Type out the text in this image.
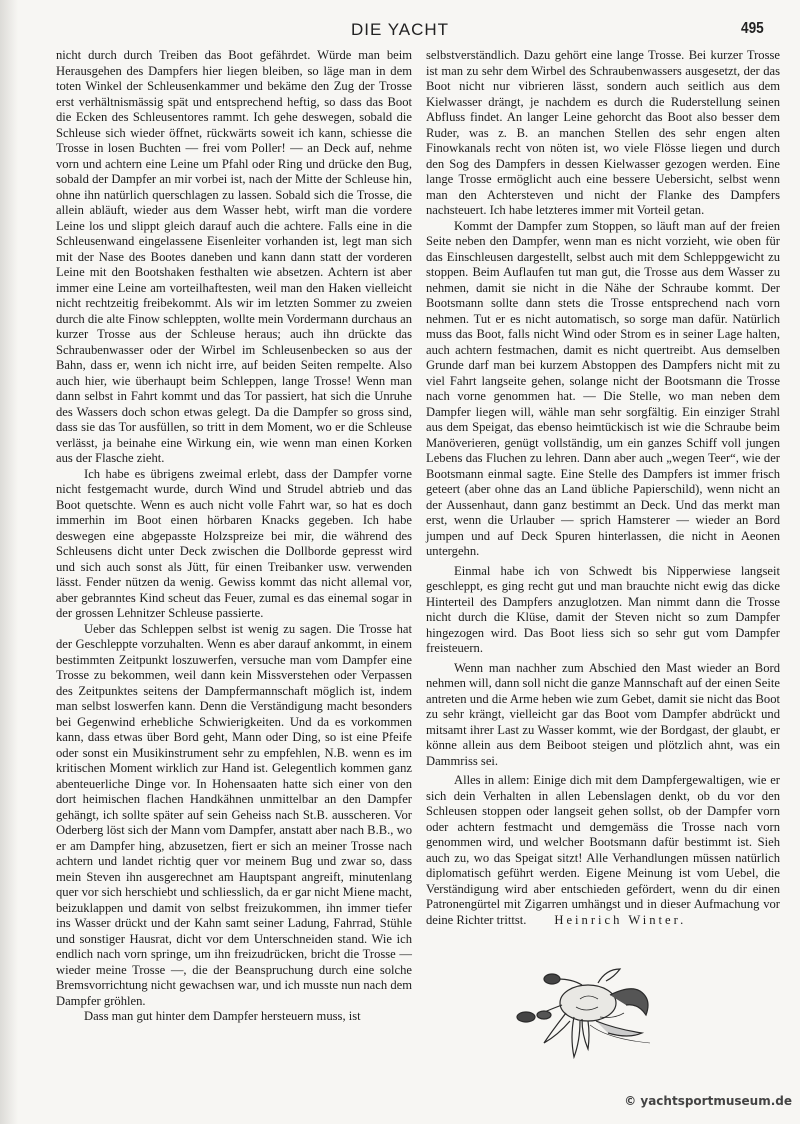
DIE YACHT	495

nicht durch durch Treiben das Boot gefährdet. Würde man beim Herausgehen des Dampfers hier liegen bleiben, so läge man in dem toten Winkel der Schleusenkammer und bekäme den Zug der Trosse erst verhältnismässig spät und entsprechend heftig, so dass das Boot die Ecken des Schleusentores rammt. Ich gehe deswegen, sobald die Schleuse sich wieder öffnet, rückwärts soweit ich kann, schiesse die Trosse in losen Buchten — frei vom Poller! — an Deck auf, nehme vorn und achtern eine Leine um Pfahl oder Ring und drücke den Bug, sobald der Dampfer an mir vorbei ist, nach der Mitte der Schleuse hin, ohne ihn natürlich querschlagen zu lassen. Sobald sich die Trosse, die allein abläuft, wieder aus dem Wasser hebt, wirft man die vordere Leine los und slippt gleich darauf auch die achtere. Falls eine in die Schleusenwand eingelassene Eisenleiter vorhanden ist, legt man sich mit der Nase des Bootes daneben und kann dann statt der vorderen Leine mit den Bootshaken festhalten wie absetzen. Achtern ist aber immer eine Leine am vorteilhaftesten, weil man den Haken vielleicht nicht rechtzeitig freibekommt. Als wir im letzten Sommer zu zweien durch die alte Finow schleppten, wollte mein Vordermann durchaus an kurzer Trosse aus der Schleuse heraus; auch ihn drückte das Schraubenwasser oder der Wirbel im Schleusenbecken so aus der Bahn, dass er, wenn ich nicht irre, auf beiden Seiten rempelte. Also auch hier, wie überhaupt beim Schleppen, lange Trosse! Wenn man dann selbst in Fahrt kommt und das Tor passiert, hat sich die Unruhe des Wassers doch schon etwas gelegt. Da die Dampfer so gross sind, dass sie das Tor ausfüllen, so tritt in dem Moment, wo er die Schleuse verlässt, ja beinahe eine Wirkung ein, wie wenn man einen Korken aus der Flasche zieht.

Ich habe es übrigens zweimal erlebt, dass der Dampfer vorne nicht festgemacht wurde, durch Wind und Strudel abtrieb und das Boot quetschte. Wenn es auch nicht volle Fahrt war, so hat es doch immerhin im Boot einen hörbaren Knacks gegeben. Ich habe deswegen eine abgepasste Holzspreize bei mir, die während des Schleusens dicht unter Deck zwischen die Dollborde gepresst wird und sich auch sonst als Jütt, für einen Treibanker usw. verwenden lässt. Fender nützen da wenig. Gewiss kommt das nicht allemal vor, aber gebranntes Kind scheut das Feuer, zumal es das einemal sogar in der grossen Lehnitzer Schleuse passierte.

Ueber das Schleppen selbst ist wenig zu sagen. Die Trosse hat der Geschleppte vorzuhalten. Wenn es aber darauf ankommt, in einem bestimmten Zeitpunkt loszuwerfen, versuche man vom Dampfer eine Trosse zu bekommen, weil dann kein Missverstehen oder Verpassen des Zeitpunktes seitens der Dampfermannschaft möglich ist, indem man selbst loswerfen kann. Denn die Verständigung macht besonders bei Gegenwind erhebliche Schwierigkeiten. Und da es vorkommen kann, dass etwas über Bord geht, Mann oder Ding, so ist eine Pfeife oder sonst ein Musikinstrument sehr zu empfehlen, N.B. wenn es im kritischen Moment wirklich zur Hand ist. Gelegentlich kommen ganz abenteuerliche Dinge vor. In Hohensaaten hatte sich einer von den dort heimischen flachen Handkähnen unmittelbar an den Dampfer gehängt, ich sollte später auf sein Geheiss nach St.B. ausscheren. Vor Oderberg löst sich der Mann vom Dampfer, anstatt aber nach B.B., wo er am Dampfer hing, abzusetzen, fiert er sich an meiner Trosse nach achtern und landet richtig quer vor meinem Bug und zwar so, dass mein Steven ihn ausgerechnet am Hauptspant angreift, minutenlang quer vor sich herschiebt und schliesslich, da er gar nicht Miene macht, beizuklappen und damit von selbst freizukommen, ihn immer tiefer ins Wasser drückt und der Kahn samt seiner Ladung, Fahrrad, Stühle und sonstiger Hausrat, dicht vor dem Unterschneiden stand. Wie ich endlich nach vorn springe, um ihn freizudrücken, bricht die Trosse — wieder meine Trosse —, die der Beanspruchung durch eine solche Bremsvorrichtung nicht gewachsen war, und ich musste nun nach dem Dampfer gröhlen.

Dass man gut hinter dem Dampfer hersteuern muss, ist

selbstverständlich. Dazu gehört eine lange Trosse. Bei kurzer Trosse ist man zu sehr dem Wirbel des Schraubenwassers ausgesetzt, der das Boot nicht nur vibrieren lässt, sondern auch seitlich aus dem Kielwasser drängt, je nachdem es durch die Ruderstellung seinen Abfluss findet. An langer Leine gehorcht das Boot also besser dem Ruder, was z. B. an manchen Stellen des sehr engen alten Finowkanals recht von nöten ist, wo viele Flösse liegen und durch den Sog des Dampfers in dessen Kielwasser gezogen werden. Eine lange Trosse ermöglicht auch eine bessere Uebersicht, selbst wenn man den Achtersteven und nicht der Flanke des Dampfers nachsteuert. Ich habe letzteres immer mit Vorteil getan.

Kommt der Dampfer zum Stoppen, so läuft man auf der freien Seite neben den Dampfer, wenn man es nicht vorzieht, wie oben für das Einschleusen dargestellt, selbst auch mit dem Schleppgewicht zu stoppen. Beim Auflaufen tut man gut, die Trosse aus dem Wasser zu nehmen, damit sie nicht in die Nähe der Schraube kommt. Der Bootsmann sollte dann stets die Trosse entsprechend nach vorn nehmen. Tut er es nicht automatisch, so sorge man dafür. Natürlich muss das Boot, falls nicht Wind oder Strom es in seiner Lage halten, auch achtern festmachen, damit es nicht quertreibt. Aus demselben Grunde darf man bei kurzem Abstoppen des Dampfers nicht mit zu viel Fahrt langseite gehen, solange nicht der Bootsmann die Trosse nach vorne genommen hat. — Die Stelle, wo man neben dem Dampfer liegen will, wähle man sehr sorgfältig. Ein einziger Strahl aus dem Speigat, das ebenso heimtückisch ist wie die Schraube beim Manöverieren, genügt vollständig, um ein ganzes Schiff voll jungen Lebens das Fluchen zu lehren. Dann aber auch „wegen Teer“, wie der Bootsmann einmal sagte. Eine Stelle des Dampfers ist immer frisch geteert (aber ohne das an Land übliche Papierschild), wenn nicht an der Aussenhaut, dann ganz bestimmt an Deck. Und das merkt man erst, wenn die Urlauber — sprich Hamsterer — wieder an Bord jumpen und auf Deck Spuren hinterlassen, die nicht in Aeonen untergehn.

Einmal habe ich von Schwedt bis Nipperwiese langseit geschleppt, es ging recht gut und man brauchte nicht ewig das dicke Hinterteil des Dampfers anzuglotzen. Man nimmt dann die Trosse nicht durch die Klüse, damit der Steven nicht so zum Dampfer hingezogen wird. Das Boot liess sich so sehr gut vom Dampfer freisteuern.

Wenn man nachher zum Abschied den Mast wieder an Bord nehmen will, dann soll nicht die ganze Mannschaft auf der einen Seite antreten und die Arme heben wie zum Gebet, damit sie nicht das Boot zu sehr krängt, vielleicht gar das Boot vom Dampfer abdrückt und mitsamt ihrer Last zu Wasser kommt, wie der Bordgast, der glaubt, er könne allein aus dem Beiboot steigen und plötzlich ahnt, was ein Dammriss sei.

Alles in allem: Einige dich mit dem Dampfergewaltigen, wie er sich dein Verhalten in allen Lebenslagen denkt, ob du vor den Schleusen stoppen oder langseit gehen sollst, ob der Dampfer vorn oder achtern festmacht und demgemäss die Trosse nach vorn genommen wird, und welcher Bootsmann dafür bestimmt ist. Sieh auch zu, wo das Speigat sitzt! Alle Verhandlungen müssen natürlich diplomatisch geführt werden. Eigene Meinung ist vom Uebel, die Verständigung wird aber entschieden gefördert, wenn du dir einen Patronengürtel mit Zigarren umhängst und in dieser Aufmachung vor deine Richter trittst. Heinrich Winter.

© yachtsportmuseum.de
